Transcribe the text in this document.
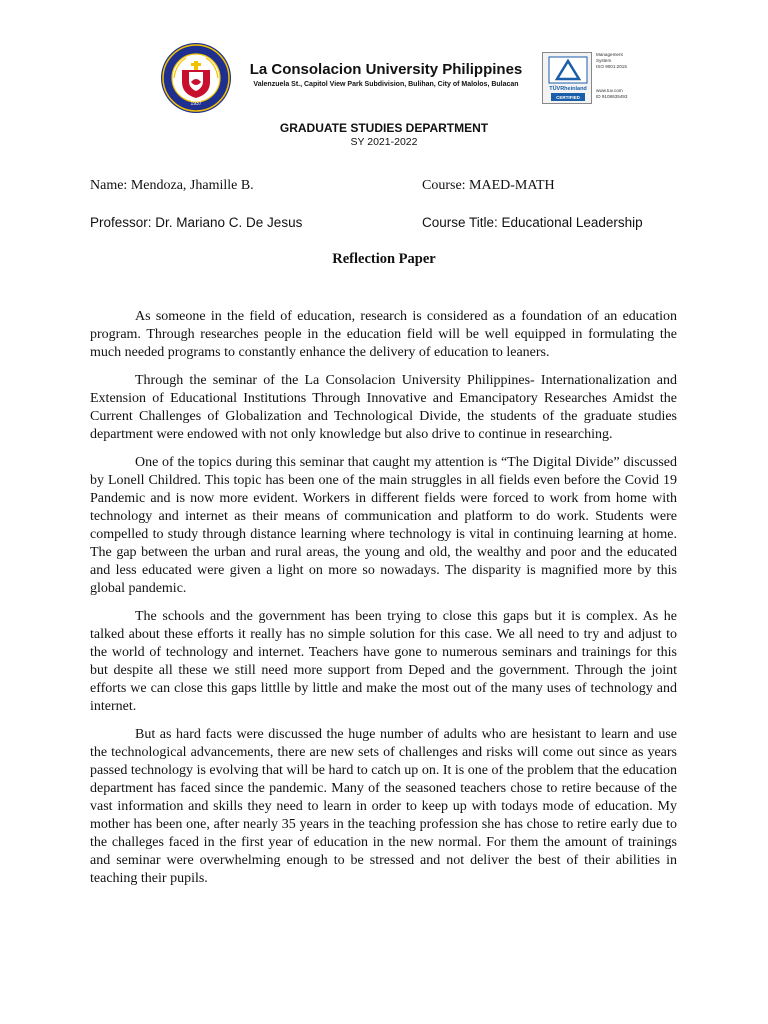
1937
La Consolacion University Philippines
Valenzuela St., Capitol View Park Subdivision, Bulihan, City of Malolos, Bulacan
TÜVRheinland
CERTIFIED
Management
System
ISO 9001:2015
www.tuv.com
ID 9108635493
GRADUATE STUDIES DEPARTMENT
SY 2021-2022
Name: Mendoza, Jhamille B.	Course: MAED-MATH
Professor: Dr. Mariano C. De Jesus	Course Title: Educational Leadership
Reflection Paper

As someone in the field of education, research is considered as a foundation of an education program. Through researches people in the education field will be well equipped in formulating the much needed programs to constantly enhance the delivery of education to leaners.

Through the seminar of the La Consolacion University Philippines- Internationalization and Extension of Educational Institutions Through Innovative and Emancipatory Researches Amidst the Current Challenges of Globalization and Technological Divide, the students of the graduate studies department were endowed with not only knowledge but also drive to continue in researching.

One of the topics during this seminar that caught my attention is “The Digital Divide” discussed by Lonell Childred. This topic has been one of the main struggles in all fields even before the Covid 19 Pandemic and is now more evident. Workers in different fields were forced to work from home with technology and internet as their means of communication and platform to do work. Students were compelled to study through distance learning where technology is vital in continuing learning at home. The gap between the urban and rural areas, the young and old, the wealthy and poor and the educated and less educated were given a light on more so nowadays. The disparity is magnified more by this global pandemic.

The schools and the government has been trying to close this gaps but it is complex. As he talked about these efforts it really has no simple solution for this case. We all need to try and adjust to the world of technology and internet. Teachers have gone to numerous seminars and trainings for this but despite all these we still need more support from Deped and the government. Through the joint efforts we can close this gaps littlle by little and make the most out of the many uses of technology and internet.

But as hard facts were discussed the huge number of adults who are hesistant to learn and use the technological advancements, there are new sets of challenges and risks will come out since as years passed technology is evolving that will be hard to catch up on. It is one of the problem that the education department has faced since the pandemic. Many of the seasoned teachers chose to retire because of the vast information and skills they need to learn in order to keep up with todays mode of education. My mother has been one, after nearly 35 years in the teaching profession she has chose to retire early due to the challeges faced in the first year of education in the new normal. For them the amount of trainings and seminar were overwhelming enough to be stressed and not deliver the best of their abilities in teaching their pupils.
